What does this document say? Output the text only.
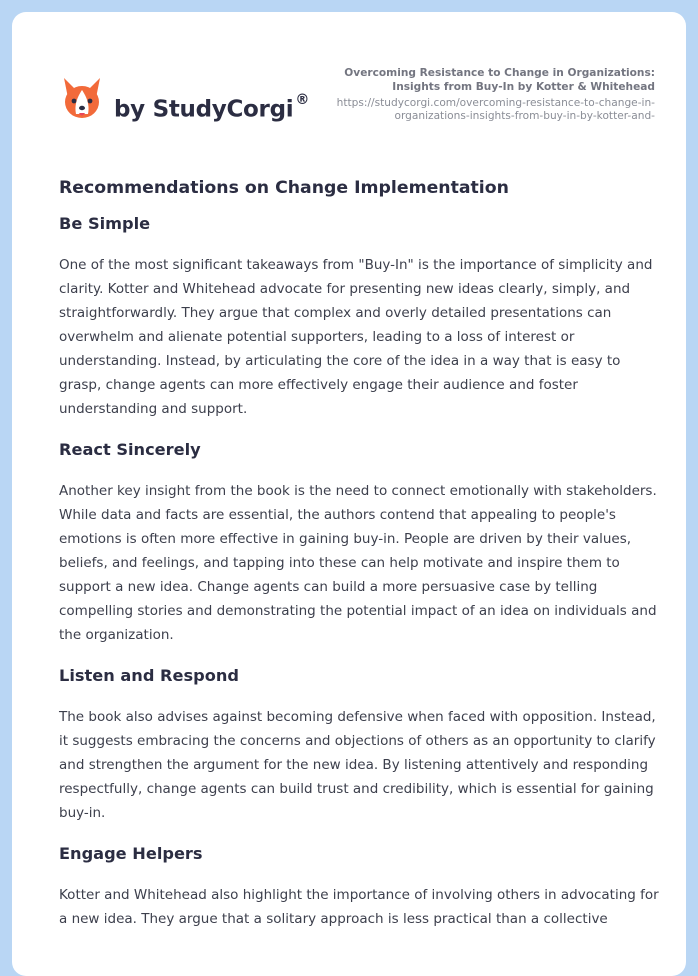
by StudyCorgi ®
Overcoming Resistance to Change in Organizations: Insights from Buy-In by Kotter & Whitehead
https://studycorgi.com/overcoming-resistance-to-change-in-organizations-insights-from-buy-in-by-kotter-and-
Recommendations on Change Implementation
Be Simple

One of the most significant takeaways from "Buy-In" is the importance of simplicity and clarity. Kotter and Whitehead advocate for presenting new ideas clearly, simply, and straightforwardly. They argue that complex and overly detailed presentations can overwhelm and alienate potential supporters, leading to a loss of interest or understanding. Instead, by articulating the core of the idea in a way that is easy to grasp, change agents can more effectively engage their audience and foster understanding and support.

React Sincerely

Another key insight from the book is the need to connect emotionally with stakeholders. While data and facts are essential, the authors contend that appealing to people's emotions is often more effective in gaining buy-in. People are driven by their values, beliefs, and feelings, and tapping into these can help motivate and inspire them to support a new idea. Change agents can build a more persuasive case by telling compelling stories and demonstrating the potential impact of an idea on individuals and the organization.

Listen and Respond

The book also advises against becoming defensive when faced with opposition. Instead, it suggests embracing the concerns and objections of others as an opportunity to clarify and strengthen the argument for the new idea. By listening attentively and responding respectfully, change agents can build trust and credibility, which is essential for gaining buy-in.

Engage Helpers

Kotter and Whitehead also highlight the importance of involving others in advocating for a new idea. They argue that a solitary approach is less practical than a collective
